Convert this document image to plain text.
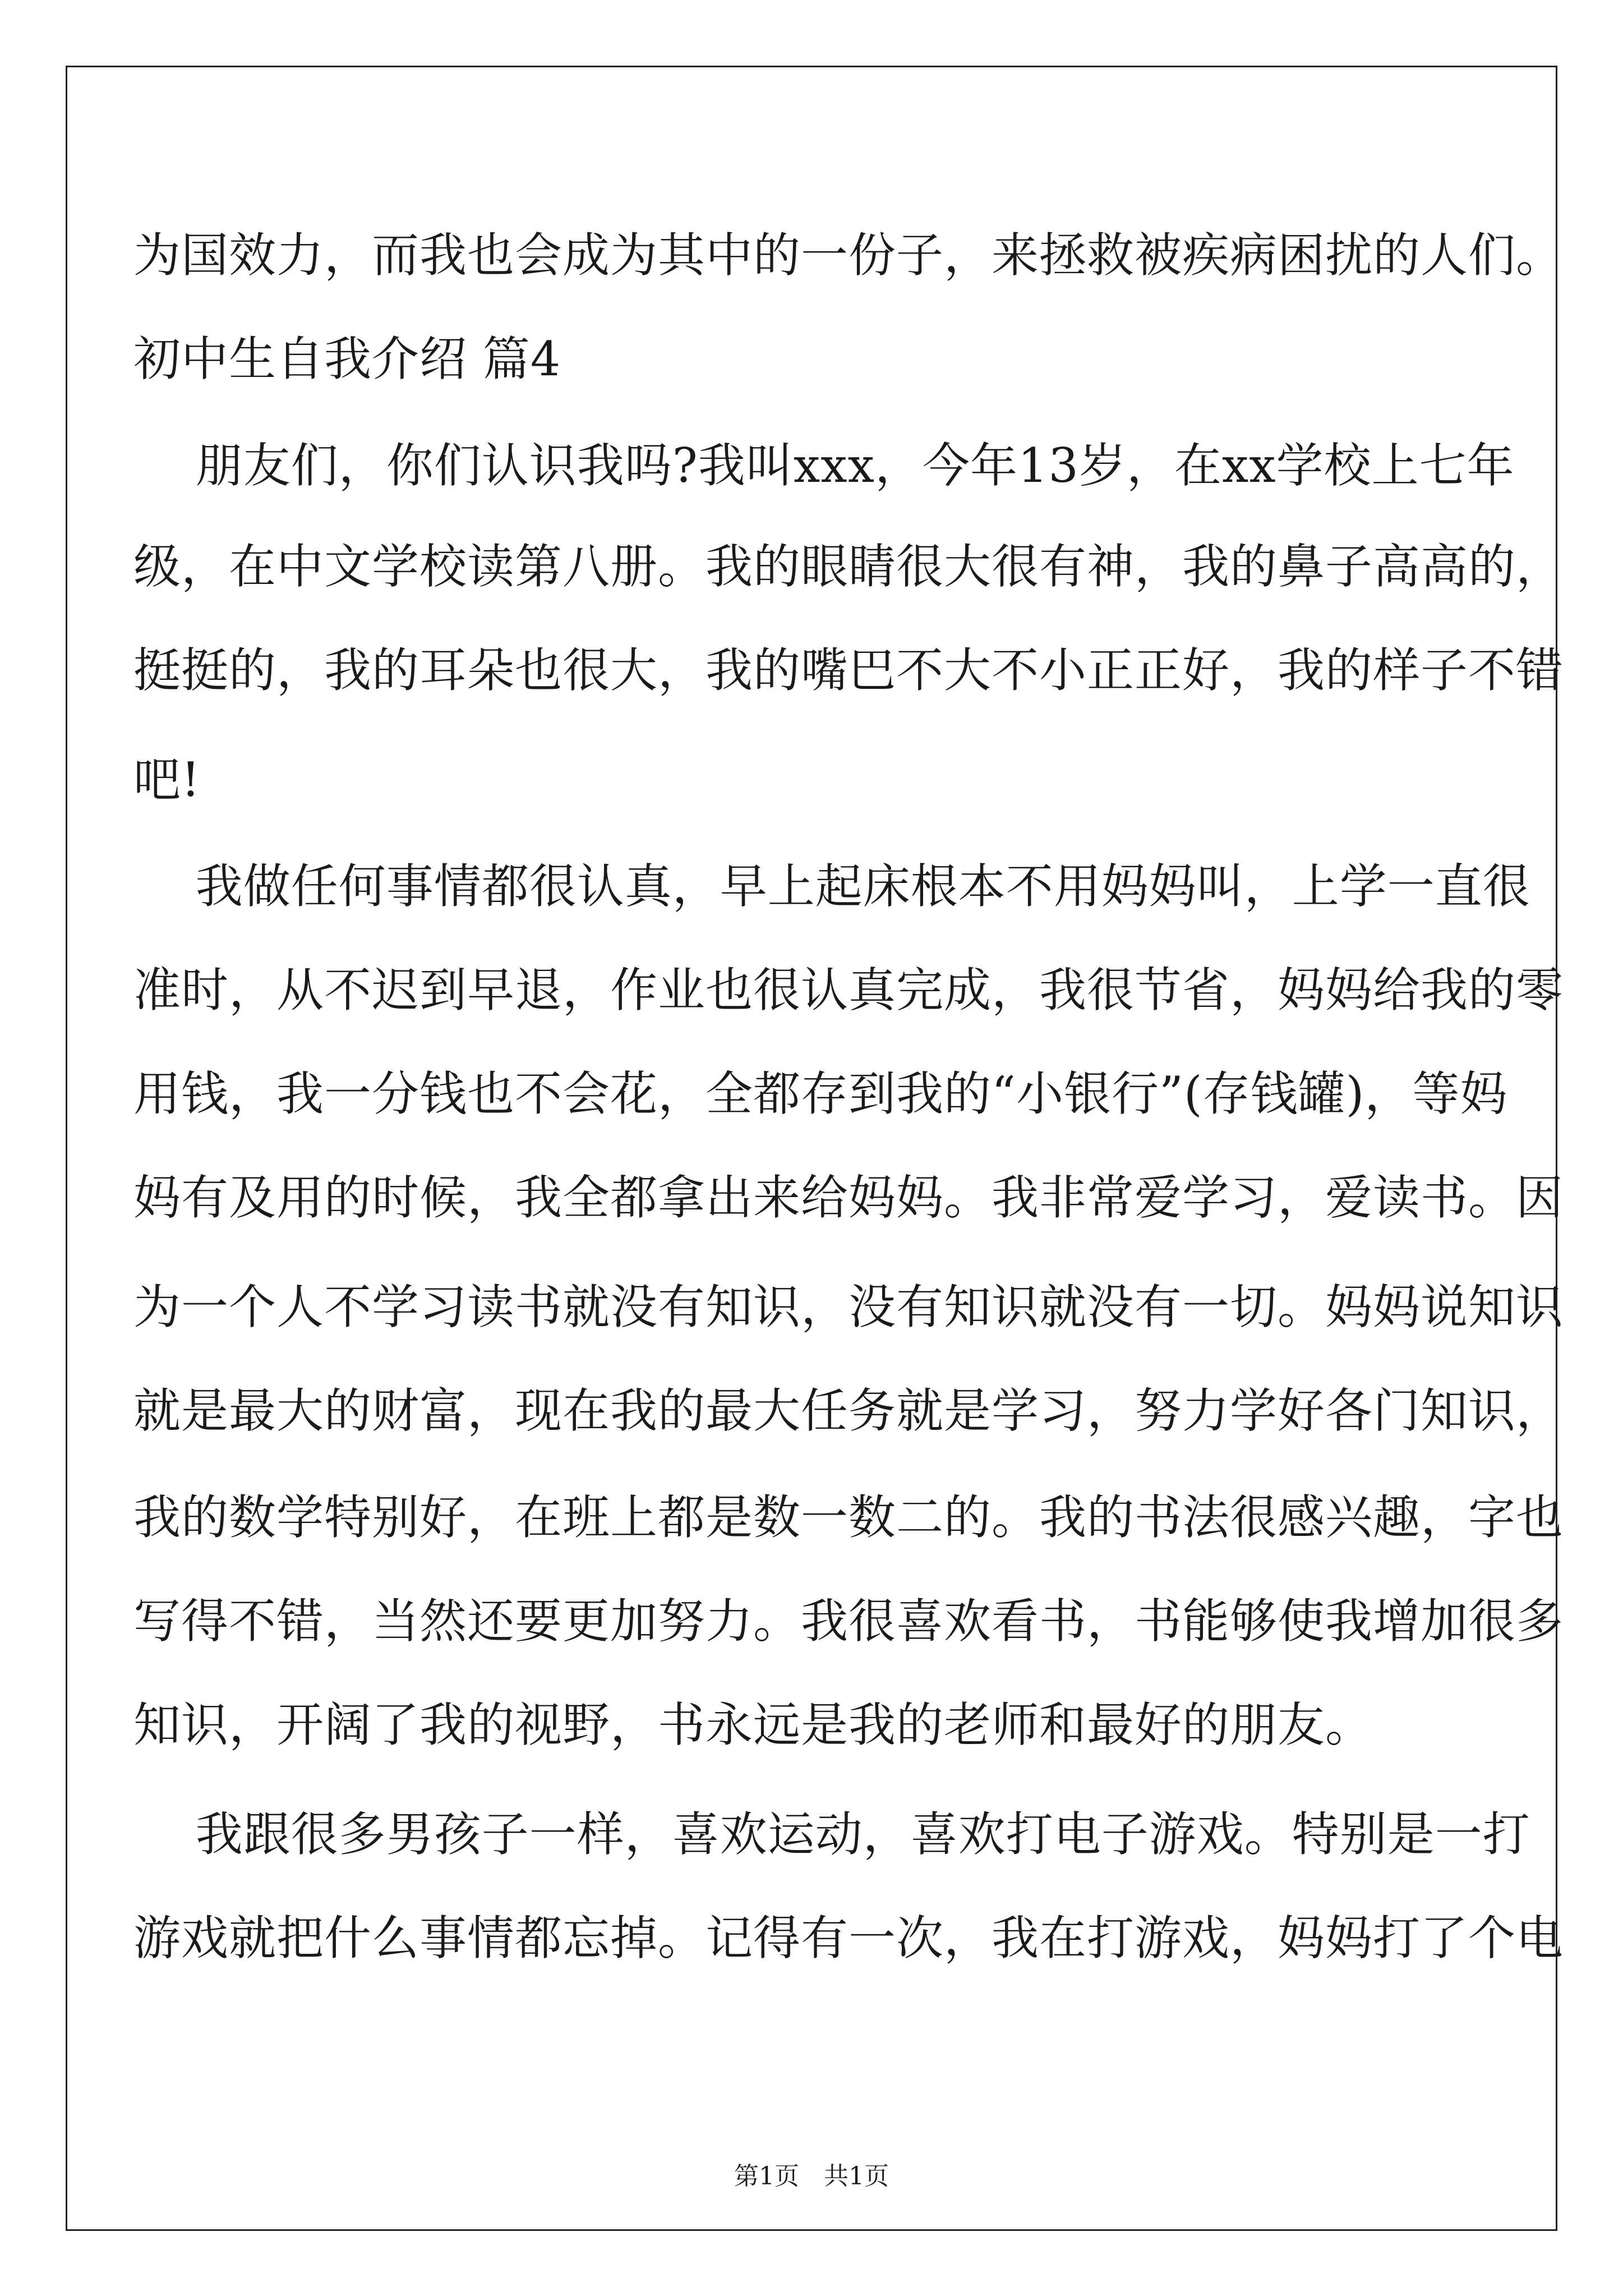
为国效力，而我也会成为其中的一份子，来拯救被疾病困扰的人们。
初中生自我介绍 篇4
朋友们，你们认识我吗?我叫xxx，今年13岁，在xx学校上七年
级，在中文学校读第八册。我的眼睛很大很有神，我的鼻子高高的，
挺挺的，我的耳朵也很大，我的嘴巴不大不小正正好，我的样子不错
吧!
我做任何事情都很认真，早上起床根本不用妈妈叫，上学一直很
准时，从不迟到早退，作业也很认真完成，我很节省，妈妈给我的零
用钱，我一分钱也不会花，全都存到我的“小银行”(存钱罐)，等妈
妈有及用的时候，我全都拿出来给妈妈。我非常爱学习，爱读书。因
为一个人不学习读书就没有知识，没有知识就没有一切。妈妈说知识
就是最大的财富，现在我的最大任务就是学习，努力学好各门知识，
我的数学特别好，在班上都是数一数二的。我的书法很感兴趣，字也
写得不错，当然还要更加努力。我很喜欢看书，书能够使我增加很多
知识，开阔了我的视野，书永远是我的老师和最好的朋友。
我跟很多男孩子一样，喜欢运动，喜欢打电子游戏。特别是一打
游戏就把什么事情都忘掉。记得有一次，我在打游戏，妈妈打了个电
第1页　共1页
